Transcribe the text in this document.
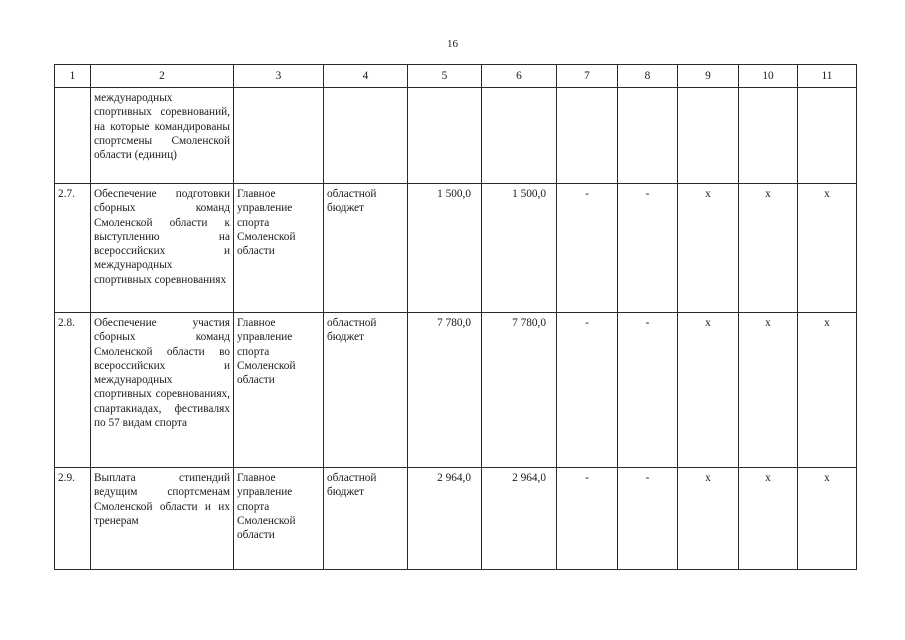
16
1	2	3	4	5	6	7	8	9	10	11
	международных спортивных соревнований, на которые командированы спортсмены Смоленской области (единиц)									
2.7.	Обеспечение подготовки сборных команд Смоленской области к выступлению на всероссийских и международных спортивных соревнованиях	Главное управление спорта Смоленской области	областной бюджет	1 500,0	1 500,0	-	-	x	x	x
2.8.	Обеспечение участия сборных команд Смоленской области во всероссийских и международных спортивных соревнованиях, спартакиадах, фестивалях по 57 видам спорта	Главное управление спорта Смоленской области	областной бюджет	7 780,0	7 780,0	-	-	x	x	x
2.9.	Выплата стипендий ведущим спортсменам Смоленской области и их тренерам	Главное управление спорта Смоленской области	областной бюджет	2 964,0	2 964,0	-	-	x	x	x
